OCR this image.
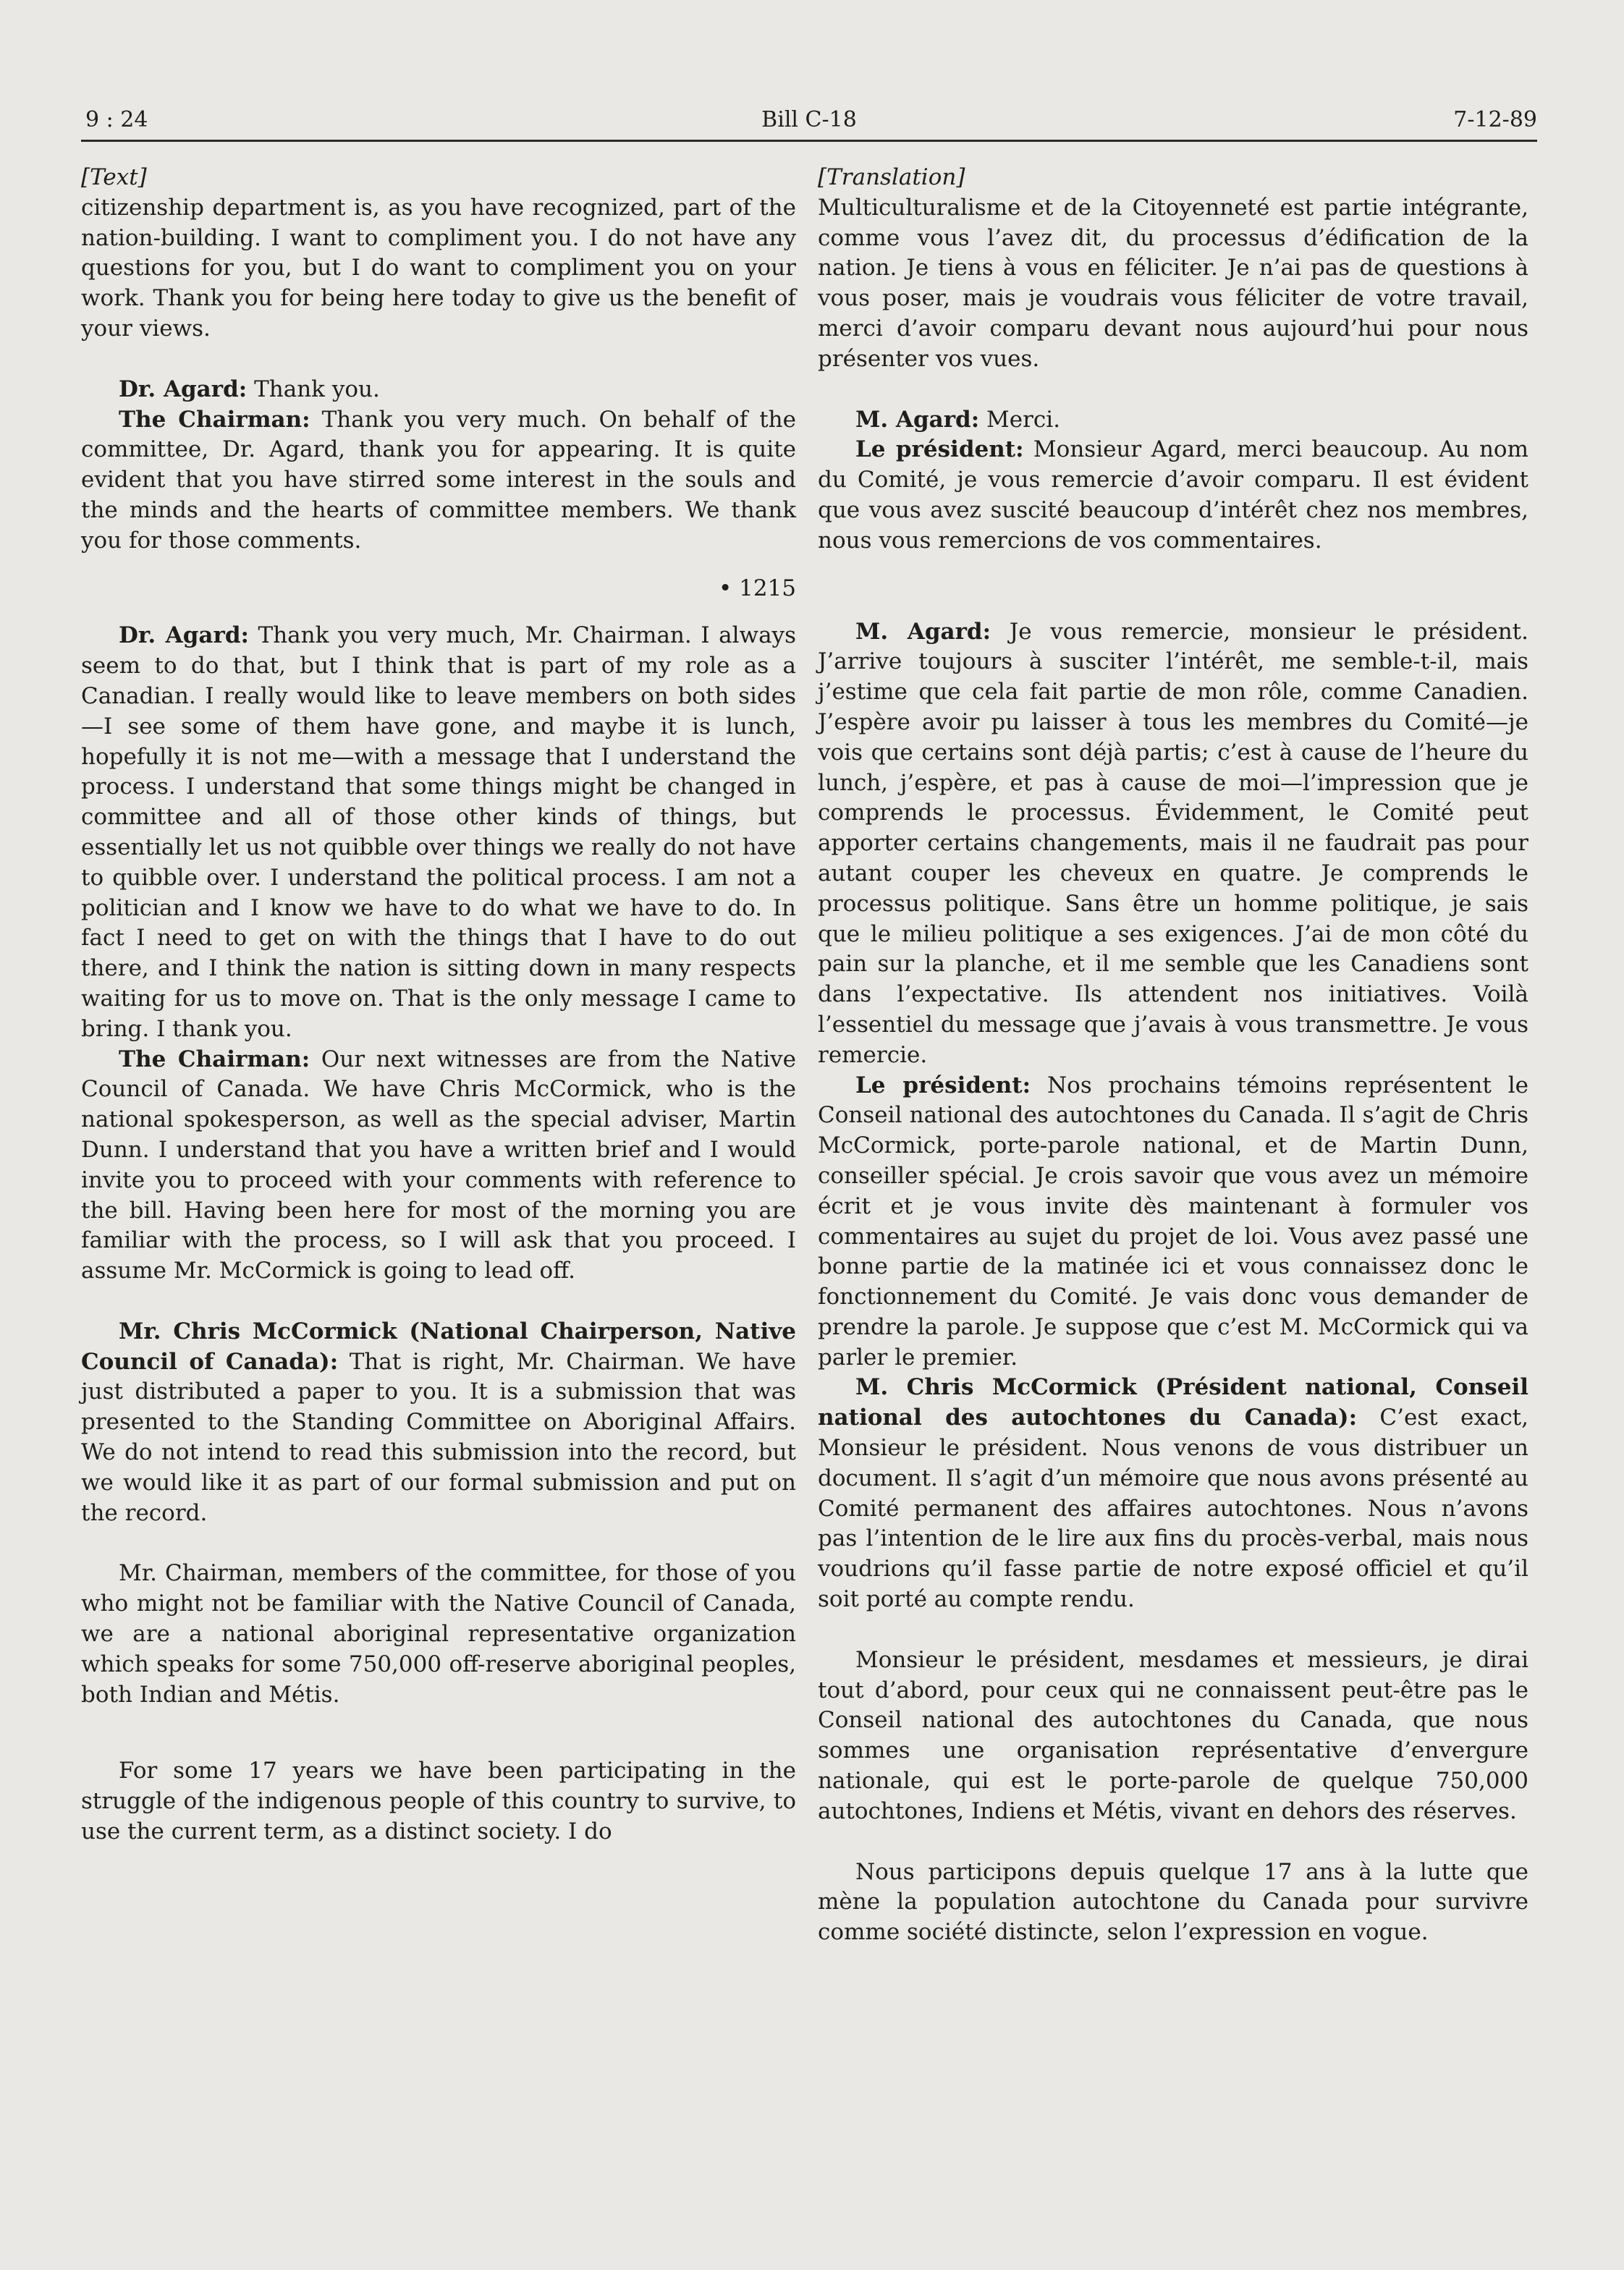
9 : 24	Bill C-18	7-12-89

[Text]

citizenship department is, as you have recognized, part of the nation-building. I want to compliment you. I do not have any questions for you, but I do want to compliment you on your work. Thank you for being here today to give us the benefit of your views.

Dr. Agard: Thank you.

The Chairman: Thank you very much. On behalf of the committee, Dr. Agard, thank you for appearing. It is quite evident that you have stirred some interest in the souls and the minds and the hearts of committee members. We thank you for those comments.

• 1215

Dr. Agard: Thank you very much, Mr. Chairman. I always seem to do that, but I think that is part of my role as a Canadian. I really would like to leave members on both sides—I see some of them have gone, and maybe it is lunch, hopefully it is not me—with a message that I understand the process. I understand that some things might be changed in committee and all of those other kinds of things, but essentially let us not quibble over things we really do not have to quibble over. I understand the political process. I am not a politician and I know we have to do what we have to do. In fact I need to get on with the things that I have to do out there, and I think the nation is sitting down in many respects waiting for us to move on. That is the only message I came to bring. I thank you.

The Chairman: Our next witnesses are from the Native Council of Canada. We have Chris McCormick, who is the national spokesperson, as well as the special adviser, Martin Dunn. I understand that you have a written brief and I would invite you to proceed with your comments with reference to the bill. Having been here for most of the morning you are familiar with the process, so I will ask that you proceed. I assume Mr. McCormick is going to lead off.

Mr. Chris McCormick (National Chairperson, Native Council of Canada): That is right, Mr. Chairman. We have just distributed a paper to you. It is a submission that was presented to the Standing Committee on Aboriginal Affairs. We do not intend to read this submission into the record, but we would like it as part of our formal submission and put on the record.

Mr. Chairman, members of the committee, for those of you who might not be familiar with the Native Council of Canada, we are a national aboriginal representative organization which speaks for some 750,000 off-reserve aboriginal peoples, both Indian and Métis.

For some 17 years we have been participating in the struggle of the indigenous people of this country to survive, to use the current term, as a distinct society. I do

[Translation]

Multiculturalisme et de la Citoyenneté est partie intégrante, comme vous l’avez dit, du processus d’édification de la nation. Je tiens à vous en féliciter. Je n’ai pas de questions à vous poser, mais je voudrais vous féliciter de votre travail, merci d’avoir comparu devant nous aujourd’hui pour nous présenter vos vues.

M. Agard: Merci.

Le président: Monsieur Agard, merci beaucoup. Au nom du Comité, je vous remercie d’avoir comparu. Il est évident que vous avez suscité beaucoup d’intérêt chez nos membres, nous vous remercions de vos commentaires.

M. Agard: Je vous remercie, monsieur le président. J’arrive toujours à susciter l’intérêt, me semble-t-il, mais j’estime que cela fait partie de mon rôle, comme Canadien. J’espère avoir pu laisser à tous les membres du Comité—je vois que certains sont déjà partis; c’est à cause de l’heure du lunch, j’espère, et pas à cause de moi—l’impression que je comprends le processus. Évidemment, le Comité peut apporter certains changements, mais il ne faudrait pas pour autant couper les cheveux en quatre. Je comprends le processus politique. Sans être un homme politique, je sais que le milieu politique a ses exigences. J’ai de mon côté du pain sur la planche, et il me semble que les Canadiens sont dans l’expectative. Ils attendent nos initiatives. Voilà l’essentiel du message que j’avais à vous transmettre. Je vous remercie.

Le président: Nos prochains témoins représentent le Conseil national des autochtones du Canada. Il s’agit de Chris McCormick, porte-parole national, et de Martin Dunn, conseiller spécial. Je crois savoir que vous avez un mémoire écrit et je vous invite dès maintenant à formuler vos commentaires au sujet du projet de loi. Vous avez passé une bonne partie de la matinée ici et vous connaissez donc le fonctionnement du Comité. Je vais donc vous demander de prendre la parole. Je suppose que c’est M. McCormick qui va parler le premier.

M. Chris McCormick (Président national, Conseil national des autochtones du Canada): C’est exact, Monsieur le président. Nous venons de vous distribuer un document. Il s’agit d’un mémoire que nous avons présenté au Comité permanent des affaires autochtones. Nous n’avons pas l’intention de le lire aux fins du procès-verbal, mais nous voudrions qu’il fasse partie de notre exposé officiel et qu’il soit porté au compte rendu.

Monsieur le président, mesdames et messieurs, je dirai tout d’abord, pour ceux qui ne connaissent peut-être pas le Conseil national des autochtones du Canada, que nous sommes une organisation représentative d’envergure nationale, qui est le porte-parole de quelque 750,000 autochtones, Indiens et Métis, vivant en dehors des réserves.

Nous participons depuis quelque 17 ans à la lutte que mène la population autochtone du Canada pour survivre comme société distincte, selon l’expression en vogue.
